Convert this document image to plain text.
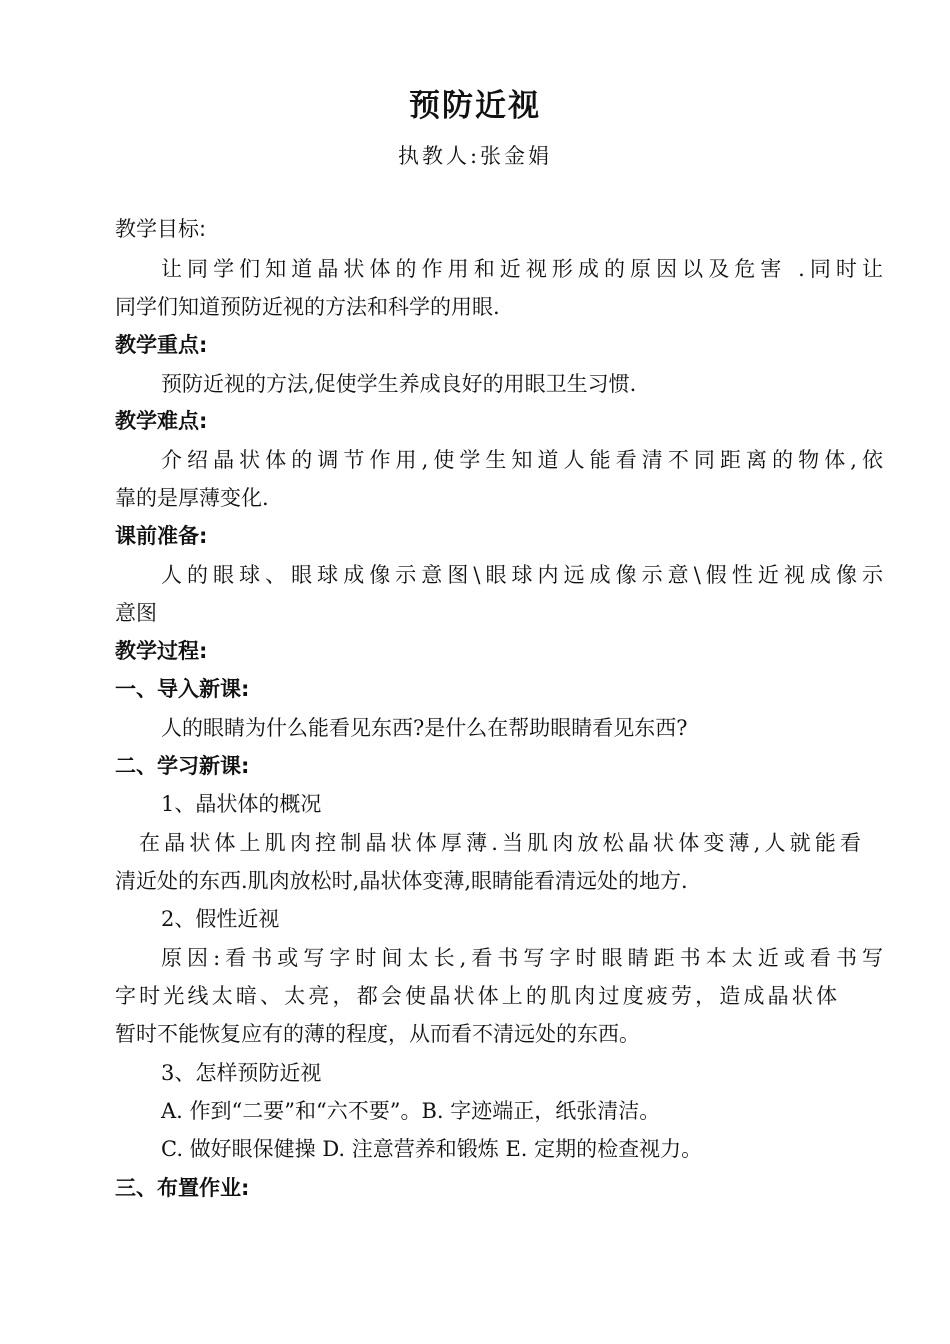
预防近视
执教人:张金娟
教学目标:
让同学们知道晶状体的作用和近视形成的原因以及危害 .同时让
同学们知道预防近视的方法和科学的用眼.
教学重点:
预防近视的方法,促使学生养成良好的用眼卫生习惯.
教学难点:
介绍晶状体的调节作用,使学生知道人能看清不同距离的物体,依
靠的是厚薄变化.
课前准备:
人的眼球、眼球成像示意图\眼球内远成像示意\假性近视成像示
意图
教学过程:
一、导入新课:
人的眼睛为什么能看见东西?是什么在帮助眼睛看见东西?
二、学习新课:
1、晶状体的概况
在晶状体上肌肉控制晶状体厚薄.当肌肉放松晶状体变薄,人就能看
清近处的东西.肌肉放松时,晶状体变薄,眼睛能看清远处的地方.
2、假性近视
原因:看书或写字时间太长,看书写字时眼睛距书本太近或看书写
字时光线太暗、太亮，都会使晶状体上的肌肉过度疲劳，造成晶状体
暂时不能恢复应有的薄的程度，从而看不清远处的东西。
3、怎样预防近视
A. 作到“二要”和“六不要”。B. 字迹端正，纸张清洁。
C. 做好眼保健操 D. 注意营养和锻炼 E. 定期的检查视力。
三、布置作业:
